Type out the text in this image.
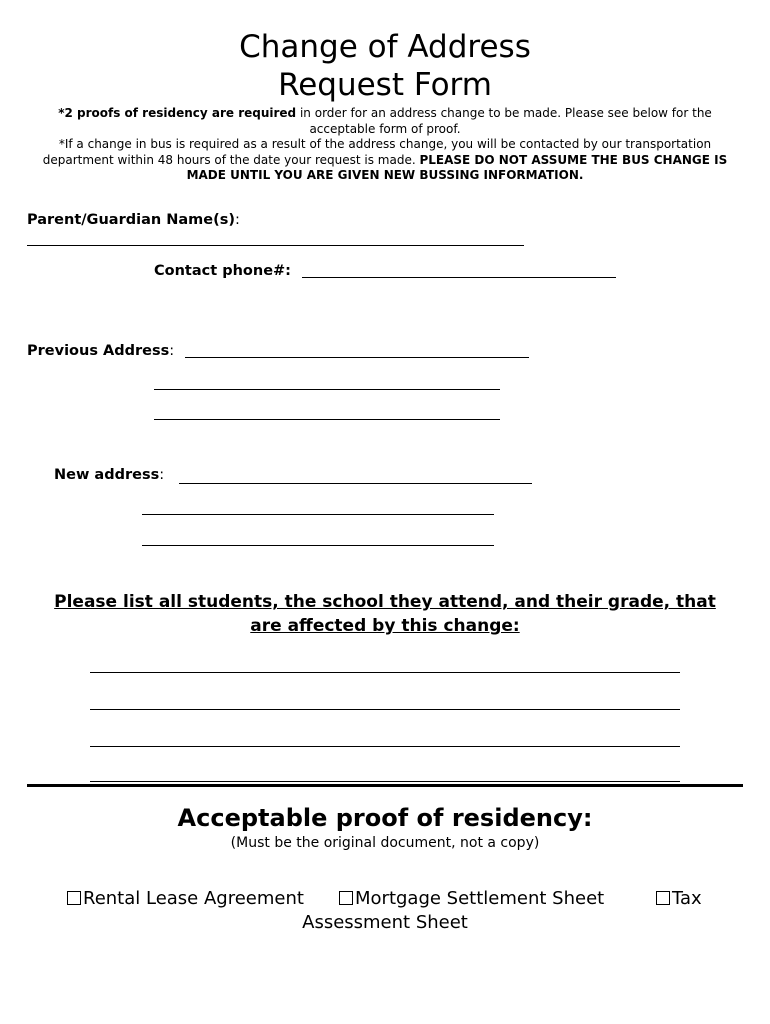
Change of Address
Request Form
*2 proofs of residency are required in order for an address change to be made. Please see below for the acceptable form of proof.
*If a change in bus is required as a result of the address change, you will be contacted by our transportation department within 48 hours of the date your request is made. PLEASE DO NOT ASSUME THE BUS CHANGE IS MADE UNTIL YOU ARE GIVEN NEW BUSSING INFORMATION.
Parent/Guardian Name(s):
Contact phone#:
Previous Address:
New address:
Please list all students, the school they attend, and their grade, that
are affected by this change:
Acceptable proof of residency:
(Must be the original document, not a copy)
Rental Lease Agreement	Mortgage Settlement Sheet	Tax
Assessment Sheet
